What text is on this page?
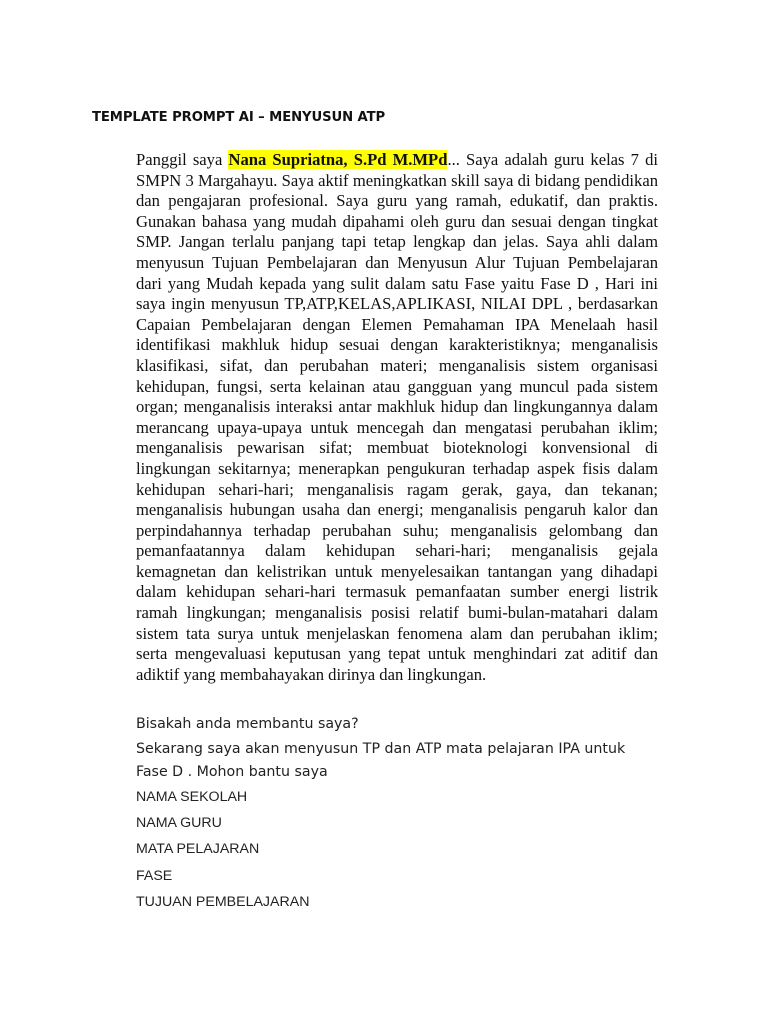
TEMPLATE PROMPT AI – MENYUSUN ATP

Panggil saya Nana Supriatna, S.Pd M.MPd... Saya adalah guru kelas 7 di SMPN 3 Margahayu. Saya aktif meningkatkan skill saya di bidang pendidikan dan pengajaran profesional. Saya guru yang ramah, edukatif, dan praktis. Gunakan bahasa yang mudah dipahami oleh guru dan sesuai dengan tingkat SMP. Jangan terlalu panjang tapi tetap lengkap dan jelas. Saya ahli dalam menyusun Tujuan Pembelajaran dan Menyusun Alur Tujuan Pembelajaran dari yang Mudah kepada yang sulit dalam satu Fase yaitu Fase D , Hari ini saya ingin menyusun TP,ATP,KELAS,APLIKASI, NILAI DPL , berdasarkan Capaian Pembelajaran dengan Elemen Pemahaman IPA Menelaah hasil identifikasi makhluk hidup sesuai dengan karakteristiknya; menganalisis klasifikasi, sifat, dan perubahan materi; menganalisis sistem organisasi kehidupan, fungsi, serta kelainan atau gangguan yang muncul pada sistem organ; menganalisis interaksi antar makhluk hidup dan lingkungannya dalam merancang upaya-upaya untuk mencegah dan mengatasi perubahan iklim; menganalisis pewarisan sifat; membuat bioteknologi konvensional di lingkungan sekitarnya; menerapkan pengukuran terhadap aspek fisis dalam kehidupan sehari-hari; menganalisis ragam gerak, gaya, dan tekanan; menganalisis hubungan usaha dan energi; menganalisis pengaruh kalor dan perpindahannya terhadap perubahan suhu; menganalisis gelombang dan pemanfaatannya dalam kehidupan sehari-hari; menganalisis gejala kemagnetan dan kelistrikan untuk menyelesaikan tantangan yang dihadapi dalam kehidupan sehari-hari termasuk pemanfaatan sumber energi listrik ramah lingkungan; menganalisis posisi relatif bumi-bulan-matahari dalam sistem tata surya untuk menjelaskan fenomena alam dan perubahan iklim; serta mengevaluasi keputusan yang tepat untuk menghindari zat aditif dan adiktif yang membahayakan dirinya dan lingkungan.

Bisakah anda membantu saya?

Sekarang saya akan menyusun TP dan ATP mata pelajaran IPA untuk

Fase D . Mohon bantu saya

NAMA SEKOLAH

NAMA GURU

MATA PELAJARAN

FASE

TUJUAN PEMBELAJARAN
